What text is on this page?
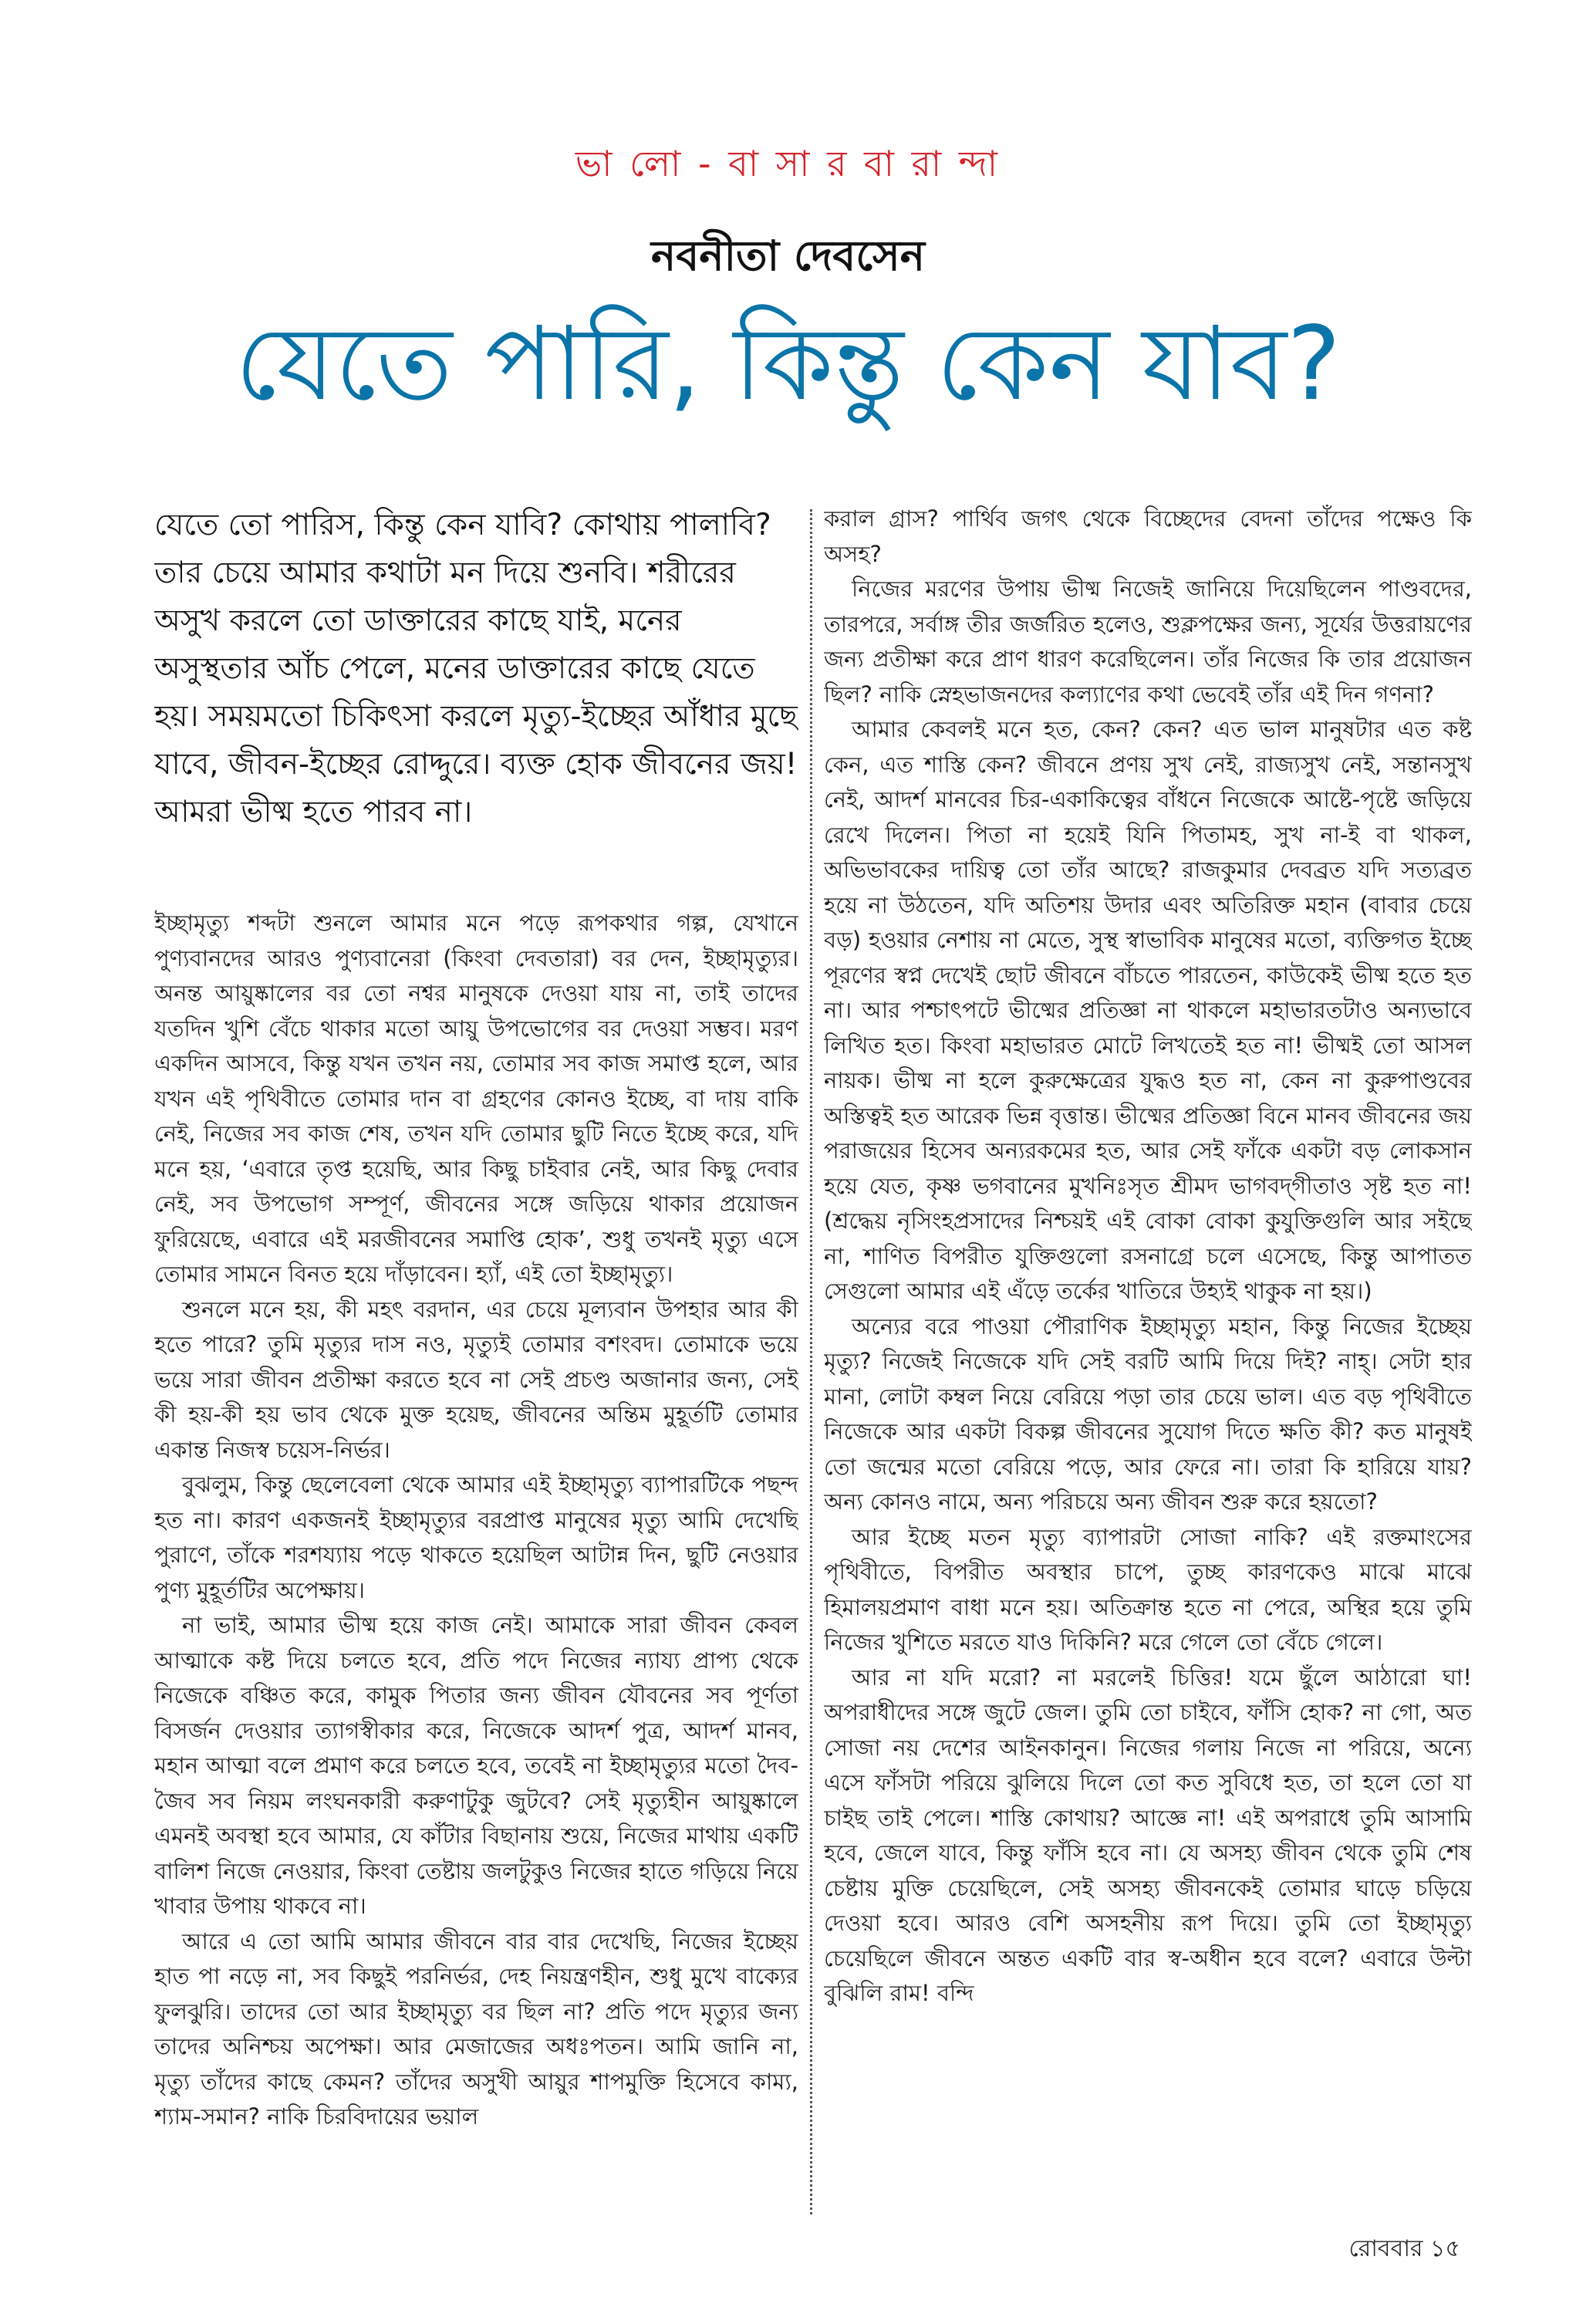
ভা লো - বা সা র বা রা ন্দা
নবনীতা দেবসেন
যেতে পারি, কিন্তু কেন যাব?
যেতে তো পারিস, কিন্তু কেন যাবি? কোথায় পালাবি? তার চেয়ে আমার কথাটা মন দিয়ে শুনবি। শরীরের অসুখ করলে তো ডাক্তারের কাছে যাই, মনের অসুস্থতার আঁচ পেলে, মনের ডাক্তারের কাছে যেতে হয়। সময়মতো চিকিৎসা করলে মৃত্যু-ইচ্ছের আঁধার মুছে যাবে, জীবন-ইচ্ছের রোদ্দুরে। ব্যক্ত হোক জীবনের জয়! আমরা ভীষ্ম হতে পারব না।

ইচ্ছামৃত্যু শব্দটা শুনলে আমার মনে পড়ে রূপকথার গল্প, যেখানে পুণ্যবানদের আরও পুণ্যবানেরা (কিংবা দেবতারা) বর দেন, ইচ্ছামৃত্যুর। অনন্ত আয়ুষ্কালের বর তো নশ্বর মানুষকে দেওয়া যায় না, তাই তাদের যতদিন খুশি বেঁচে থাকার মতো আয়ু উপভোগের বর দেওয়া সম্ভব। মরণ একদিন আসবে, কিন্তু যখন তখন নয়, তোমার সব কাজ সমাপ্ত হলে, আর যখন এই পৃথিবীতে তোমার দান বা গ্রহণের কোনও ইচ্ছে, বা দায় বাকি নেই, নিজের সব কাজ শেষ, তখন যদি তোমার ছুটি নিতে ইচ্ছে করে, যদি মনে হয়, ‘এবারে তৃপ্ত হয়েছি, আর কিছু চাইবার নেই, আর কিছু দেবার নেই, সব উপভোগ সম্পূর্ণ, জীবনের সঙ্গে জড়িয়ে থাকার প্রয়োজন ফুরিয়েছে, এবারে এই মরজীবনের সমাপ্তি হোক’, শুধু তখনই মৃত্যু এসে তোমার সামনে বিনত হয়ে দাঁড়াবেন। হ্যাঁ, এই তো ইচ্ছামৃত্যু।

শুনলে মনে হয়, কী মহৎ বরদান, এর চেয়ে মূল্যবান উপহার আর কী হতে পারে? তুমি মৃত্যুর দাস নও, মৃত্যুই তোমার বশংবদ। তোমাকে ভয়ে ভয়ে সারা জীবন প্রতীক্ষা করতে হবে না সেই প্রচণ্ড অজানার জন্য, সেই কী হয়-কী হয় ভাব থেকে মুক্ত হয়েছ, জীবনের অন্তিম মুহূর্তটি তোমার একান্ত নিজস্ব চয়েস-নির্ভর।

বুঝলুম, কিন্তু ছেলেবেলা থেকে আমার এই ইচ্ছামৃত্যু ব্যাপারটিকে পছন্দ হত না। কারণ একজনই ইচ্ছামৃত্যুর বরপ্রাপ্ত মানুষের মৃত্যু আমি দেখেছি পুরাণে, তাঁকে শরশয্যায় পড়ে থাকতে হয়েছিল আটান্ন দিন, ছুটি নেওয়ার পুণ্য মুহূর্তটির অপেক্ষায়।

না ভাই, আমার ভীষ্ম হয়ে কাজ নেই। আমাকে সারা জীবন কেবল আত্মাকে কষ্ট দিয়ে চলতে হবে, প্রতি পদে নিজের ন্যায্য প্রাপ্য থেকে নিজেকে বঞ্চিত করে, কামুক পিতার জন্য জীবন যৌবনের সব পূর্ণতা বিসর্জন দেওয়ার ত্যাগস্বীকার করে, নিজেকে আদর্শ পুত্র, আদর্শ মানব, মহান আত্মা বলে প্রমাণ করে চলতে হবে, তবেই না ইচ্ছামৃত্যুর মতো দৈব-জৈব সব নিয়ম লংঘনকারী করুণাটুকু জুটবে? সেই মৃত্যুহীন আয়ুষ্কালে এমনই অবস্থা হবে আমার, যে কাঁটার বিছানায় শুয়ে, নিজের মাথায় একটি বালিশ নিজে নেওয়ার, কিংবা তেষ্টায় জলটুকুও নিজের হাতে গড়িয়ে নিয়ে খাবার উপায় থাকবে না।

আরে এ তো আমি আমার জীবনে বার বার দেখেছি, নিজের ইচ্ছেয় হাত পা নড়ে না, সব কিছুই পরনির্ভর, দেহ নিয়ন্ত্রণহীন, শুধু মুখে বাক্যের ফুলঝুরি। তাদের তো আর ইচ্ছামৃত্যু বর ছিল না? প্রতি পদে মৃত্যুর জন্য তাদের অনিশ্চয় অপেক্ষা। আর মেজাজের অধঃপতন। আমি জানি না, মৃত্যু তাঁদের কাছে কেমন? তাঁদের অসুখী আয়ুর শাপমুক্তি হিসেবে কাম্য, শ্যাম-সমান? নাকি চিরবিদায়ের ভয়াল

করাল গ্রাস? পার্থিব জগৎ থেকে বিচ্ছেদের বেদনা তাঁদের পক্ষেও কি অসহ?

নিজের মরণের উপায় ভীষ্ম নিজেই জানিয়ে দিয়েছিলেন পাণ্ডবদের, তারপরে, সর্বাঙ্গ তীর জর্জরিত হলেও, শুক্লপক্ষের জন্য, সূর্যের উত্তরায়ণের জন্য প্রতীক্ষা করে প্রাণ ধারণ করেছিলেন। তাঁর নিজের কি তার প্রয়োজন ছিল? নাকি স্নেহভাজনদের কল্যাণের কথা ভেবেই তাঁর এই দিন গণনা?

আমার কেবলই মনে হত, কেন? কেন? এত ভাল মানুষটার এত কষ্ট কেন, এত শাস্তি কেন? জীবনে প্রণয় সুখ নেই, রাজ্যসুখ নেই, সন্তানসুখ নেই, আদর্শ মানবের চির-একাকিত্বের বাঁধনে নিজেকে আষ্টে-পৃষ্টে জড়িয়ে রেখে দিলেন। পিতা না হয়েই যিনি পিতামহ, সুখ না-ই বা থাকল, অভিভাবকের দায়িত্ব তো তাঁর আছে? রাজকুমার দেবব্রত যদি সত্যব্রত হয়ে না উঠতেন, যদি অতিশয় উদার এবং অতিরিক্ত মহান (বাবার চেয়ে বড়) হওয়ার নেশায় না মেতে, সুস্থ স্বাভাবিক মানুষের মতো, ব্যক্তিগত ইচ্ছে পূরণের স্বপ্ন দেখেই ছোট জীবনে বাঁচতে পারতেন, কাউকেই ভীষ্ম হতে হত না। আর পশ্চাৎপটে ভীষ্মের প্রতিজ্ঞা না থাকলে মহাভারতটাও অন্যভাবে লিখিত হত। কিংবা মহাভারত মোটে লিখতেই হত না! ভীষ্মই তো আসল নায়ক। ভীষ্ম না হলে কুরুক্ষেত্রের যুদ্ধও হত না, কেন না কুরুপাণ্ডবের অস্তিত্বই হত আরেক ভিন্ন বৃত্তান্ত। ভীষ্মের প্রতিজ্ঞা বিনে মানব জীবনের জয় পরাজয়ের হিসেব অন্যরকমের হত, আর সেই ফাঁকে একটা বড় লোকসান হয়ে যেত, কৃষ্ণ ভগবানের মুখনিঃসৃত শ্রীমদ ভাগবদ্‌গীতাও সৃষ্ট হত না! (শ্রদ্ধেয় নৃসিংহপ্রসাদের নিশ্চয়ই এই বোকা বোকা কুযুক্তিগুলি আর সইছে না, শাণিত বিপরীত যুক্তিগুলো রসনাগ্রে চলে এসেছে, কিন্তু আপাতত সেগুলো আমার এই এঁড়ে তর্কের খাতিরে উহ্যই থাকুক না হয়।)

অন্যের বরে পাওয়া পৌরাণিক ইচ্ছামৃত্যু মহান, কিন্তু নিজের ইচ্ছেয় মৃত্যু? নিজেই নিজেকে যদি সেই বরটি আমি দিয়ে দিই? নাহ্‌। সেটা হার মানা, লোটা কম্বল নিয়ে বেরিয়ে পড়া তার চেয়ে ভাল। এত বড় পৃথিবীতে নিজেকে আর একটা বিকল্প জীবনের সুযোগ দিতে ক্ষতি কী? কত মানুষই তো জন্মের মতো বেরিয়ে পড়ে, আর ফেরে না। তারা কি হারিয়ে যায়? অন্য কোনও নামে, অন্য পরিচয়ে অন্য জীবন শুরু করে হয়তো?

আর ইচ্ছে মতন মৃত্যু ব্যাপারটা সোজা নাকি? এই রক্তমাংসের পৃথিবীতে, বিপরীত অবস্থার চাপে, তুচ্ছ কারণকেও মাঝে মাঝে হিমালয়প্রমাণ বাধা মনে হয়। অতিক্রান্ত হতে না পেরে, অস্থির হয়ে তুমি নিজের খুশিতে মরতে যাও দিকিনি? মরে গেলে তো বেঁচে গেলে।

আর না যদি মরো? না মরলেই চিত্তির! যমে ছুঁলে আঠারো ঘা! অপরাধীদের সঙ্গে জুটে জেল। তুমি তো চাইবে, ফাঁসি হোক? না গো, অত সোজা নয় দেশের আইনকানুন। নিজের গলায় নিজে না পরিয়ে, অন্যে এসে ফাঁসটা পরিয়ে ঝুলিয়ে দিলে তো কত সুবিধে হত, তা হলে তো যা চাইছ তাই পেলে। শাস্তি কোথায়? আজ্ঞে না! এই অপরাধে তুমি আসামি হবে, জেলে যাবে, কিন্তু ফাঁসি হবে না। যে অসহ্য জীবন থেকে তুমি শেষ চেষ্টায় মুক্তি চেয়েছিলে, সেই অসহ্য জীবনকেই তোমার ঘাড়ে চড়িয়ে দেওয়া হবে। আরও বেশি অসহনীয় রূপ দিয়ে। তুমি তো ইচ্ছামৃত্যু চেয়েছিলে জীবনে অন্তত একটি বার স্ব-অধীন হবে বলে? এবারে উল্টা বুঝিলি রাম! বন্দি

রোববার ১৫
